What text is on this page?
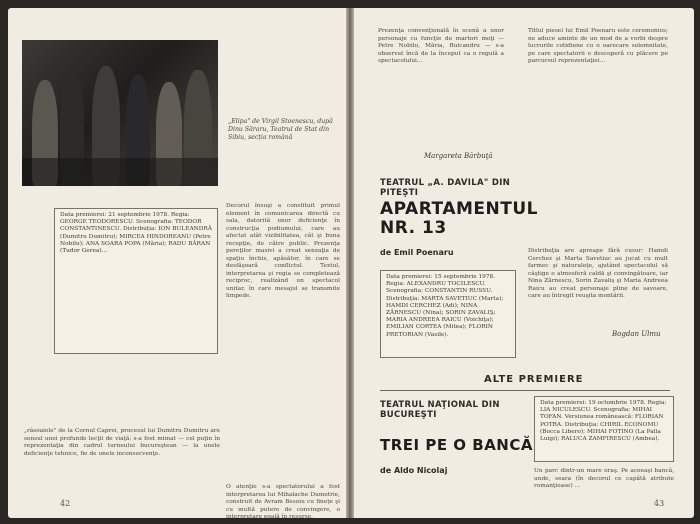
„Elipa" de Virgil Stoenescu, după Dinu Săraru, Teatrul de Stat din Sibiu, secția română
Data premierei: 21 septembrie 1978. Regia: GEORGE TEODORESCU. Scenografia: TEODOR CONSTANTINESCU. Distribuția: ION BULEANDRĂ (Dumitru Dumitru); MIRCEA HINDOREANU (Petre Nobilu); ANA SOARA POPA (Măria); RADU BĂRAN (Tudor Gerea)...
Decorul însuşi a constituit primul element în comunicarea directă cu sala, datorită unor deficienţe în construcţia podiumului, care au afectat atât vizibilitatea, cât şi buna recepţie, de către public. Prezenţa pereţilor masivi a creat senzaţia de spaţiu închis, apăsător, în care se desfăşoară conflictul. Textul, interpretarea şi regia se completează reciproc, realizând un spectacol unitar, în care mesajul se transmite limpede.
„râsoaiele" de la Cornul Caprei, procesul lui Dumitru Dumitru are sensul unei profunde lecţii de viaţă; s-a fost mimat — cel puţin în reprezentaţia din cadrul turneului bucureştean — la unele deficienţe tehnice, fie de unele inconsecvenţe.
O atenţie s-a spectatorului a fost interpretarea lui Mihalache Dumetrie, construit de Avram Besoiu cu finețe şi cu multă putere de convingere, o interpretare egală în resurse.
42
Prezenţa convenţională în scenă a unor personaje cu funcţie de martori moţi — Petre Nobilu, Măria, Buicandru — s-a observat încă de la început ca o regulă a spectacolului...
Titlul piesei lui Emil Poenaru este ceremonios; ne aduce aminte de un mod de a vorbi despre lucrurile cotidiene cu o oarecare solemnitate, pe care spectatorii o descoperă cu plăcere pe parcursul reprezentaţiei...
Margareta Bărbuţă
TEATRUL „A. DAVILA" DIN PITEŞTI
APARTAMENTUL
NR. 13
de Emil Poenaru
Data premierei: 15 septembrie 1978. Regia: ALEXANDRU TOCILESCU. Scenografia: CONSTANTIN RUSSU. Distribuţia: MARTA SAVETIUC (Marta); HAMDI CERCHEZ (Adi); NINA ZĂRNESCU (Nina); SORIN ZAVALIŞ; MARIA ANDREEA RAICU (Voichiţa); EMILIAN CORTEA (Mitea); FLORIN PRETORIAN (Vasile).
Distribuţia are apreape fără cusur: Hamdi Cerchez şi Marta Savetiuc au jucat cu mult farmec şi naturaleţe, ajutând spectacolul să câştige o atmosferă caldă şi convingătoare, iar Nina Zărnescu, Sorin Zavaliş şi Maria Andreea Raicu au creat personaje pline de savoare, care au întregit reuşita montării.
Bogdan Ulmu
ALTE PREMIERE
TEATRUL NAŢIONAL DIN BUCUREŞTI
TREI PE O BANCĂ
de Aldo Nicolaj
Data premierei: 19 octombrie 1978. Regia: LIA NICULESCU. Scenografia: MIHAI TOFAN. Versiunea românească: FLORIAN POTRA. Distribuţia: CHIRIL ECONOMU (Bocca Libero); MIHAI FOTINO (La Palla Luigi); RALUCA ZAMFIRESCU (Ambea).
Un parc dintr-un mare oraş. Pe aceeaşi bancă, unde, seara (în decorul ce capătă atribute romanţioase) ...
43
